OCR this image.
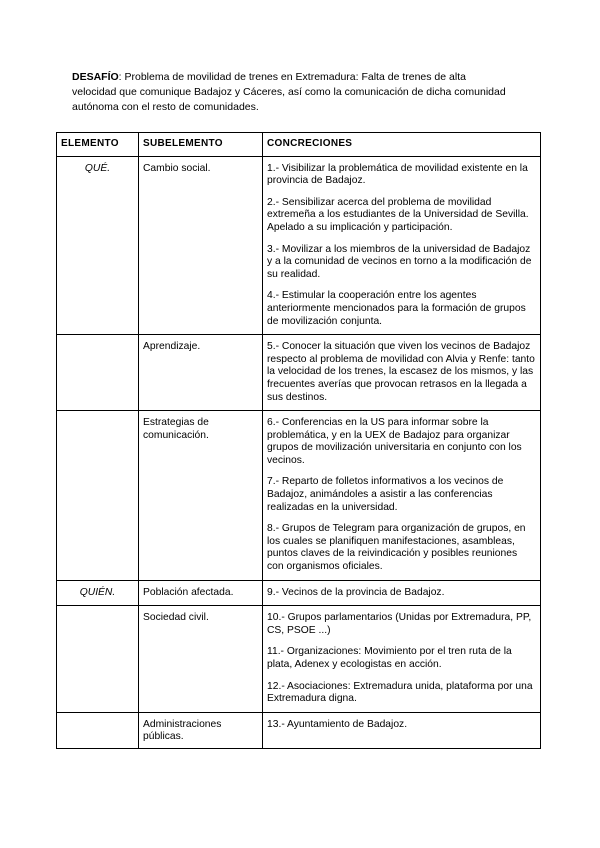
DESAFÍO: Problema de movilidad de trenes en Extremadura: Falta de trenes de alta velocidad que comunique Badajoz y Cáceres, así como la comunicación de dicha comunidad autónoma con el resto de comunidades.
ELEMENTO	SUBELEMENTO	CONCRECIONES
QUÉ.	Cambio social.	1.- Visibilizar la problemática de movilidad existente en la provincia de Badajoz.

2.- Sensibilizar acerca del problema de movilidad extremeña a los estudiantes de la Universidad de Sevilla. Apelado a su implicación y participación.

3.- Movilizar a los miembros de la universidad de Badajoz y a la comunidad de vecinos en torno a la modificación de su realidad.

4.- Estimular la cooperación entre los agentes anteriormente mencionados para la formación de grupos de movilización conjunta.

	Aprendizaje.	5.- Conocer la situación que viven los vecinos de Badajoz respecto al problema de movilidad con Alvia y Renfe: tanto la velocidad de los trenes, la escasez de los mismos, y las frecuentes averías que provocan retrasos en la llegada a sus destinos.

	Estrategias de comunicación.	6.- Conferencias en la US para informar sobre la problemática, y en la UEX de Badajoz para organizar grupos de movilización universitaria en conjunto con los vecinos.

7.- Reparto de folletos informativos a los vecinos de Badajoz, animándoles a asistir a las conferencias realizadas en la universidad.

8.- Grupos de Telegram para organización de grupos, en los cuales se planifiquen manifestaciones, asambleas, puntos claves de la reivindicación y posibles reuniones con organismos oficiales.

QUIÉN.	Población afectada.	9.- Vecinos de la provincia de Badajoz.

	Sociedad civil.	10.- Grupos parlamentarios (Unidas por Extremadura, PP, CS, PSOE ...)

11.- Organizaciones: Movimiento por el tren ruta de la plata, Adenex y ecologistas en acción.

12.- Asociaciones: Extremadura unida, plataforma por una Extremadura digna.

	Administraciones públicas.	13.- Ayuntamiento de Badajoz.
